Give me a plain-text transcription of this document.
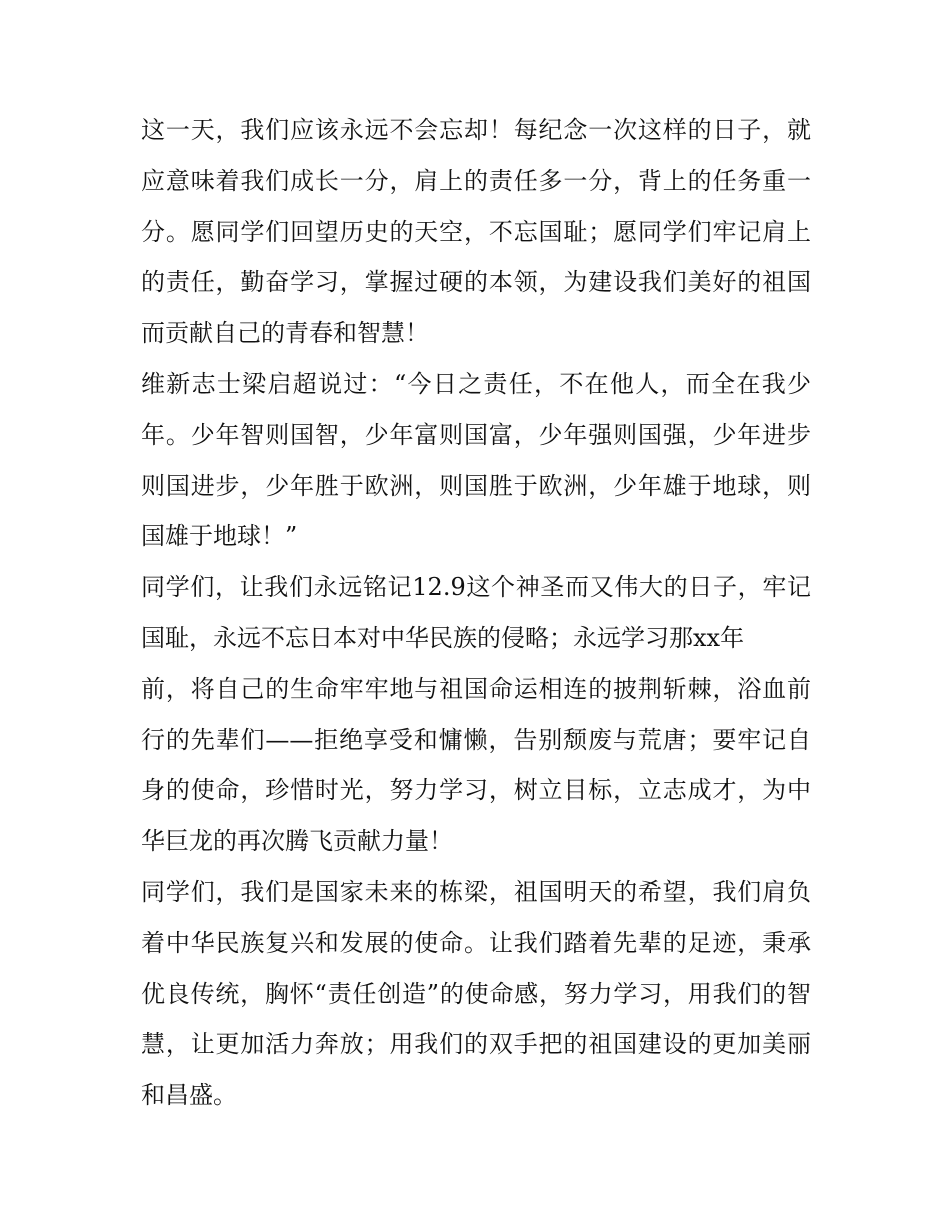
这一天，我们应该永远不会忘却！每纪念一次这样的日子，就
应意味着我们成长一分，肩上的责任多一分，背上的任务重一
分。愿同学们回望历史的天空，不忘国耻；愿同学们牢记肩上
的责任，勤奋学习，掌握过硬的本领，为建设我们美好的祖国
而贡献自己的青春和智慧！
维新志士梁启超说过：“今日之责任，不在他人，而全在我少
年。少年智则国智，少年富则国富，少年强则国强，少年进步
则国进步，少年胜于欧洲，则国胜于欧洲，少年雄于地球，则
国雄于地球！”
同学们，让我们永远铭记12.9这个神圣而又伟大的日子，牢记
国耻，永远不忘日本对中华民族的侵略；永远学习那xx年
前，将自己的生命牢牢地与祖国命运相连的披荆斩棘，浴血前
行的先辈们——拒绝享受和慵懒，告别颓废与荒唐；要牢记自
身的使命，珍惜时光，努力学习，树立目标，立志成才，为中
华巨龙的再次腾飞贡献力量！
同学们，我们是国家未来的栋梁，祖国明天的希望，我们肩负
着中华民族复兴和发展的使命。让我们踏着先辈的足迹，秉承
优良传统，胸怀“责任创造”的使命感，努力学习，用我们的智
慧，让更加活力奔放；用我们的双手把的祖国建设的更加美丽
和昌盛。
